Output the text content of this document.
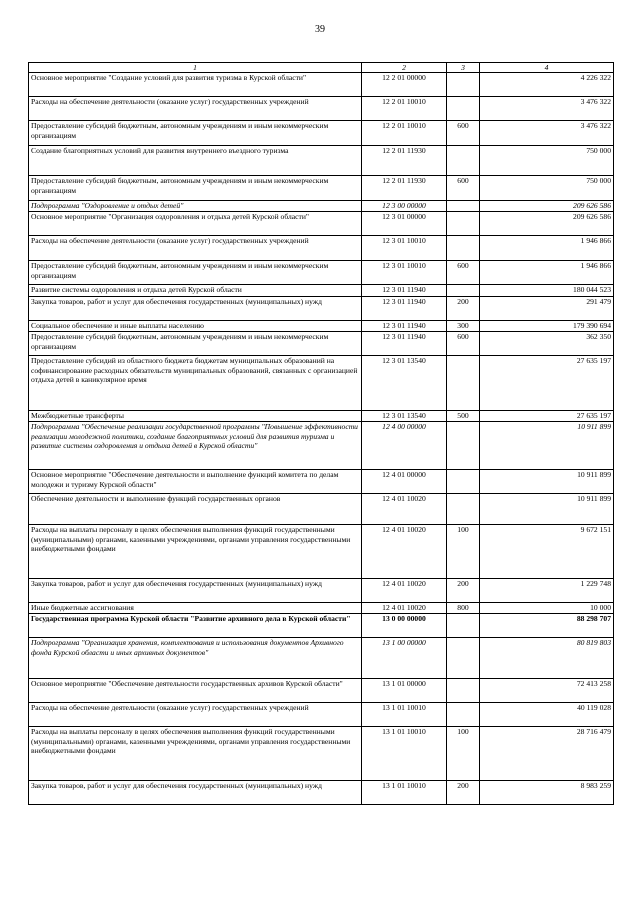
39
1	2	3	4
Основное мероприятие "Создание условий для развития туризма в Курской области"	12 2 01 00000		4 226 322
Расходы на обеспечение деятельности (оказание услуг) государственных учреждений	12 2 01 10010		3 476 322
Предоставление субсидий бюджетным, автономным учреждениям и иным некоммерческим организациям	12 2 01 10010	600	3 476 322
Создание благоприятных условий для развития внутреннего въездного туризма	12 2 01 11930		750 000
Предоставление субсидий бюджетным, автономным учреждениям и иным некоммерческим организациям	12 2 01 11930	600	750 000
Подпрограмма "Оздоровление и отдых детей"	12 3 00 00000		209 626 586
Основное мероприятие "Организация оздоровления и отдыха детей Курской области"	12 3 01 00000		209 626 586
Расходы на обеспечение деятельности (оказание услуг) государственных учреждений	12 3 01 10010		1 946 866
Предоставление субсидий бюджетным, автономным учреждениям и иным некоммерческим организациям	12 3 01 10010	600	1 946 866
Развитие системы оздоровления и отдыха детей Курской области	12 3 01 11940		180 044 523
Закупка товаров, работ и услуг для обеспечения государственных (муниципальных) нужд	12 3 01 11940	200	291 479
Социальное обеспечение и иные выплаты населению	12 3 01 11940	300	179 390 694
Предоставление субсидий бюджетным, автономным учреждениям и иным некоммерческим организациям	12 3 01 11940	600	362 350
Предоставление субсидий из областного бюджета бюджетам муниципальных образований на софинансирование расходных обязательств муниципальных образований, связанных с организацией отдыха детей в каникулярное время	12 3 01 13540		27 635 197
Межбюджетные трансферты	12 3 01 13540	500	27 635 197
Подпрограмма "Обеспечение реализации государственной программы "Повышение эффективности реализации молодежной политики, создание благоприятных условий для развития туризма и развитие системы оздоровления и отдыха детей в Курской области"	12 4 00 00000		10 911 899
Основное мероприятие "Обеспечение деятельности и выполнение функций комитета по делам молодежи и туризму Курской области"	12 4 01 00000		10 911 899
Обеспечение деятельности и выполнение функций государственных органов	12 4 01 10020		10 911 899
Расходы на выплаты персоналу в целях обеспечения выполнения функций государственными (муниципальными) органами, казенными учреждениями, органами управления государственными внебюджетными фондами	12 4 01 10020	100	9 672 151
Закупка товаров, работ и услуг для обеспечения государственных (муниципальных) нужд	12 4 01 10020	200	1 229 748
Иные бюджетные ассигнования	12 4 01 10020	800	10 000
Государственная программа Курской области "Развитие архивного дела в Курской области"	13 0 00 00000		88 298 707
Подпрограмма "Организация хранения, комплектования и использования документов Архивного фонда Курской области и иных архивных документов"	13 1 00 00000		80 819 803
Основное мероприятие "Обеспечение деятельности государственных архивов Курской области"	13 1 01 00000		72 413 258
Расходы на обеспечение деятельности (оказание услуг) государственных учреждений	13 1 01 10010		40 119 028
Расходы на выплаты персоналу в целях обеспечения выполнения функций государственными (муниципальными) органами, казенными учреждениями, органами управления государственными внебюджетными фондами	13 1 01 10010	100	28 716 479
Закупка товаров, работ и услуг для обеспечения государственных (муниципальных) нужд	13 1 01 10010	200	8 983 259
